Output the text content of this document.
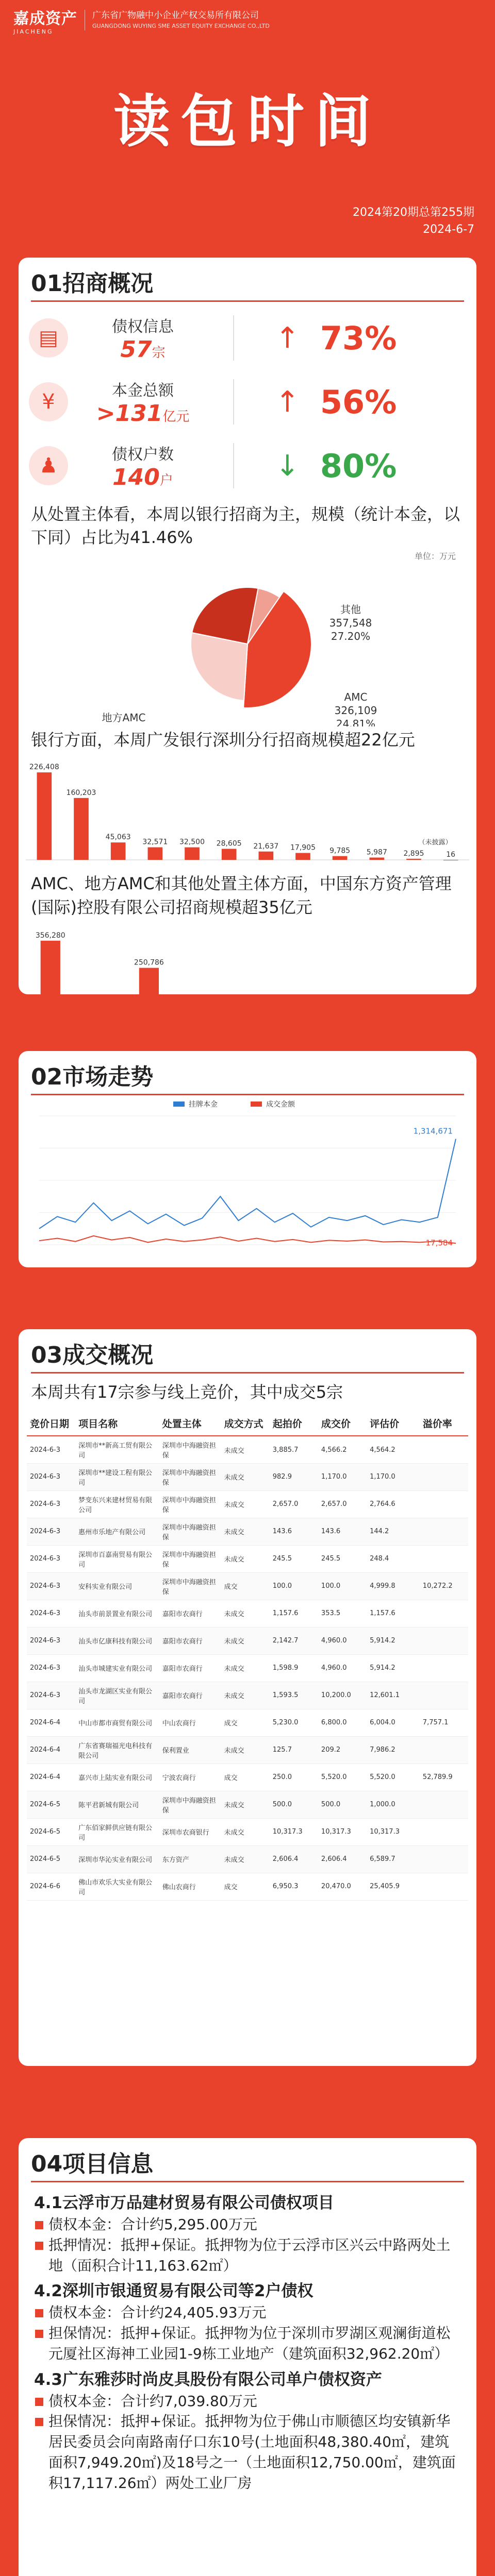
嘉成资产
JIACHENG
广东省广物融中小企业产权交易所有限公司
GUANGDONG WUYING SME ASSET EQUITY EXCHANGE CO.,LTD
读包时间
2024第20期总第255期
2024-6-7
01招商概况
▤	债权信息
57宗	↑ 73%
¥	本金总额
>131亿元	↑ 56%
♟	债权户数
140户	↓ 80%
从处置主体看，本周以银行招商为主，规模（统计本金，以下同）占比为41.46%
单位：万元
其他
357,548
27.20%
AMC
326,109
24.81%
地方AMC
银行方面，本周广发银行深圳分行招商规模超22亿元
226,408
160,203
45,063
32,571 32,500 28,605 21,637 17,905 9,785 5,987 2,895	16
（未披露）
AMC、地方AMC和其他处置主体方面，中国东方资产管理(国际)控股有限公司招商规模超35亿元
356,280
250,786
02市场走势
挂牌本金	成交金额
1,314,671
17,584
03成交概况
本周共有17宗参与线上竞价，其中成交5宗
竞价日期	项目名称	处置主体	成交方式	起拍价	成交价	评估价	溢价率
2024-6-3	深圳市**新高工贸有限公司	深圳市中海融资担保	未成交	3,885.7	4,566.2	4,564.2	
2024-6-3	深圳市**建设工程有限公司	深圳市中海融资担保	未成交	982.9	1,170.0	1,170.0	
2024-6-3	梦变东兴来建材贸易有限公司	深圳市中海融资担保	未成交	2,657.0	2,657.0	2,764.6	
2024-6-3	惠州市乐地产有限公司	深圳市中海融资担保	未成交	143.6	143.6	144.2	
2024-6-3	深圳市百嘉南贸易有限公司	深圳市中海融资担保	未成交	245.5	245.5	248.4	
2024-6-3	安科实业有限公司	深圳市中海融资担保	成交	100.0	100.0	4,999.8	10,272.2
2024-6-3	汕头市前景置业有限公司	嘉阳市农商行	未成交	1,157.6	353.5	1,157.6	
2024-6-3	汕头市亿康科技有限公司	嘉阳市农商行	未成交	2,142.7	4,960.0	5,914.2	
2024-6-3	汕头市城建实业有限公司	嘉阳市农商行	未成交	1,598.9	4,960.0	5,914.2	
2024-6-3	汕头市龙湖区实业有限公司	嘉阳市农商行	未成交	1,593.5	10,200.0	12,601.1	
2024-6-4	中山市都市商贸有限公司	中山农商行	成交	5,230.0	6,800.0	6,004.0	7,757.1
2024-6-4	广东省赛瑞福光电科技有限公司	保利置业	未成交	125.7	209.2	7,986.2	
2024-6-4	嘉兴市上陆实业有限公司	宁波农商行	成交	250.0	5,520.0	5,520.0	52,789.9
2024-6-5	陈平君新城有限公司	深圳市中海融资担保	未成交	500.0	500.0	1,000.0	
2024-6-5	广东佰家鲜供应链有限公司	深圳市农商银行	未成交	10,317.3	10,317.3	10,317.3	
2024-6-5	深圳市华沁实业有限公司	东方资产	未成交	2,606.4	2,606.4	6,589.7	
2024-6-6	佛山市欢乐大实业有限公司	佛山农商行	成交	6,950.3	20,470.0	25,405.9	
04项目信息
4.1云浮市万品建材贸易有限公司债权项目
债权本金：合计约5,295.00万元
抵押情况：抵押+保证。抵押物为位于云浮市区兴云中路两处土地（面积合计11,163.62㎡）
4.2深圳市银通贸易有限公司等2户债权
债权本金：合计约24,405.93万元
担保情况：抵押+保证。抵押物为位于深圳市罗湖区观澜街道松元厦社区海神工业园1-9栋工业地产（建筑面积32,962.20㎡）
4.3广东雅莎时尚皮具股份有限公司单户债权资产
债权本金：合计约7,039.80万元
担保情况：抵押+保证。抵押物为位于佛山市顺德区均安镇新华居民委员会向南路南仔口东10号(土地面积48,380.40㎡，建筑面积7,949.20㎡)及18号之一（土地面积12,750.00㎡，建筑面积17,117.26㎡）两处工业厂房
